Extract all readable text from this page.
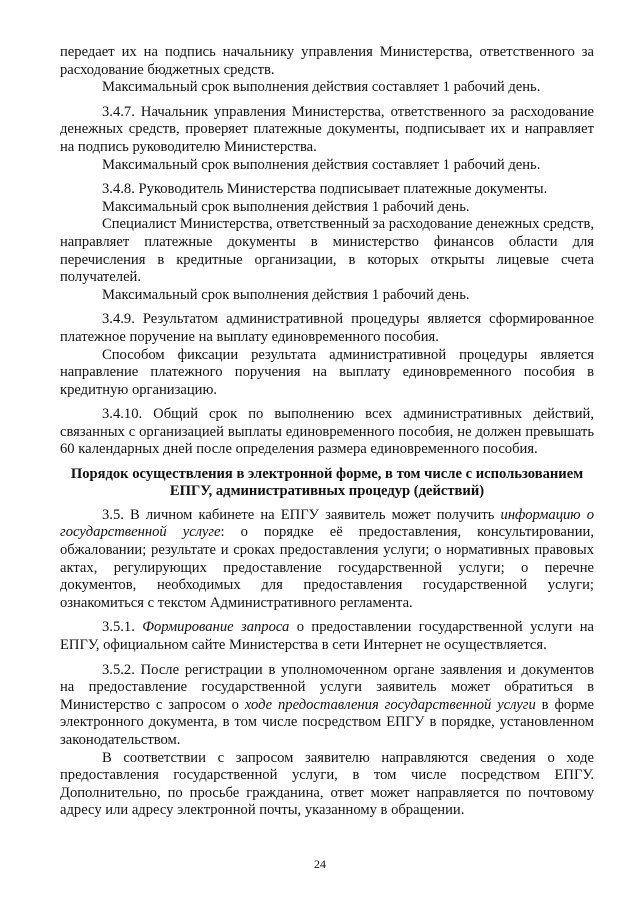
передает их на подпись начальнику управления Министерства, ответственного за расходование бюджетных средств.

Максимальный срок выполнения действия составляет 1 рабочий день.

3.4.7. Начальник управления Министерства, ответственного за расходование денежных средств, проверяет платежные документы, подписывает их и направляет на подпись руководителю Министерства.

Максимальный срок выполнения действия составляет 1 рабочий день.

3.4.8. Руководитель Министерства подписывает платежные документы.

Максимальный срок выполнения действия 1 рабочий день.

Специалист Министерства, ответственный за расходование денежных средств, направляет платежные документы в министерство финансов области для перечисления в кредитные организации, в которых открыты лицевые счета получателей.

Максимальный срок выполнения действия 1 рабочий день.

3.4.9. Результатом административной процедуры является сформированное платежное поручение на выплату единовременного пособия.

Способом фиксации результата административной процедуры является направление платежного поручения на выплату единовременного пособия в кредитную организацию.

3.4.10. Общий срок по выполнению всех административных действий, связанных с организацией выплаты единовременного пособия, не должен превышать 60 календарных дней после определения размера единовременного пособия.

Порядок осуществления в электронной форме, в том числе с использованием ЕПГУ, административных процедур (действий)

3.5. В личном кабинете на ЕПГУ заявитель может получить информацию о государственной услуге: о порядке её предоставления, консультировании, обжаловании; результате и сроках предоставления услуги; о нормативных правовых актах, регулирующих предоставление государственной услуги; о перечне документов, необходимых для предоставления государственной услуги; ознакомиться с текстом Административного регламента.

3.5.1. Формирование запроса о предоставлении государственной услуги на ЕПГУ, официальном сайте Министерства в сети Интернет не осуществляется.

3.5.2. После регистрации в уполномоченном органе заявления и документов на предоставление государственной услуги заявитель может обратиться в Министерство с запросом о ходе предоставления государственной услуги в форме электронного документа, в том числе посредством ЕПГУ в порядке, установленном законодательством.

В соответствии с запросом заявителю направляются сведения о ходе предоставления государственной услуги, в том числе посредством ЕПГУ. Дополнительно, по просьбе гражданина, ответ может направляется по почтовому адресу или адресу электронной почты, указанному в обращении.

24
